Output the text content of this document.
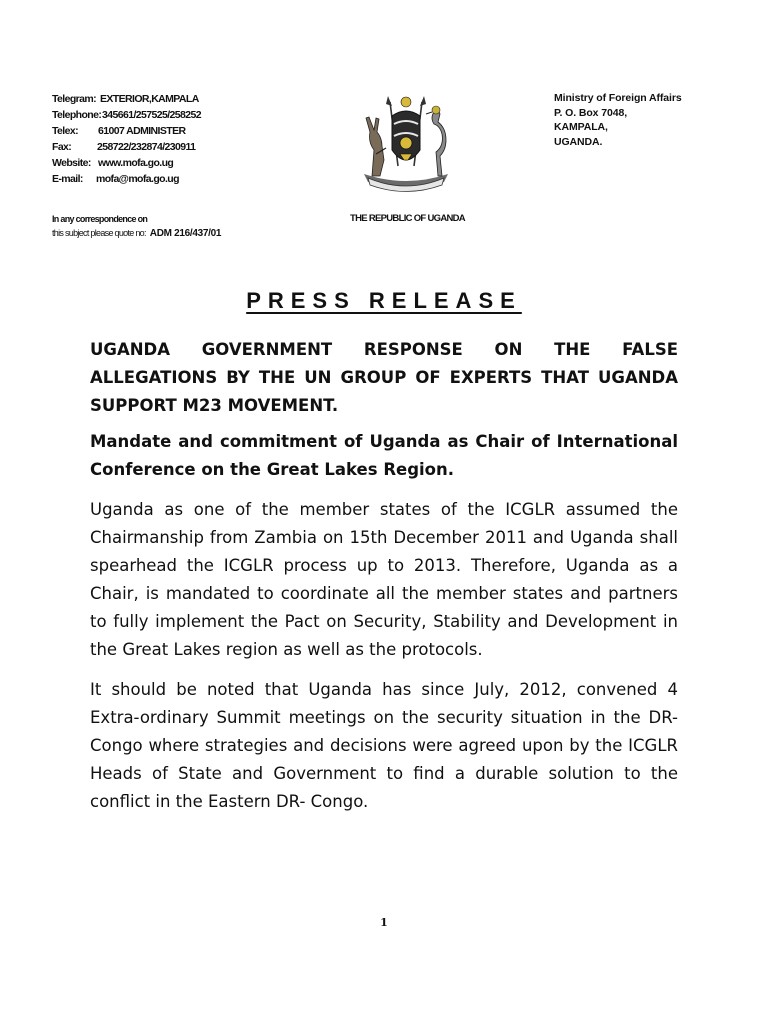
Telegram: EXTERIOR,KAMPALA
Telephone: 345661/257525/258252
Telex:	61007 ADMINISTER
Fax:	258722/232874/230911
Website: www.mofa.go.ug
E-mail:	mofa@mofa.go.ug
Ministry of Foreign Affairs
P. O. Box 7048,
KAMPALA,
UGANDA.
In any correspondence on
this subject please quote no: ADM 216/437/01
THE REPUBLIC OF UGANDA
PRESS RELEASE

UGANDA GOVERNMENT RESPONSE ON THE FALSE ALLEGATIONS BY THE UN GROUP OF EXPERTS THAT UGANDA SUPPORT M23 MOVEMENT.

Mandate and commitment of Uganda as Chair of International Conference on the Great Lakes Region.

Uganda as one of the member states of the ICGLR assumed the Chairmanship from Zambia on 15th December 2011 and Uganda shall spearhead the ICGLR process up to 2013. Therefore, Uganda as a Chair, is mandated to coordinate all the member states and partners to fully implement the Pact on Security, Stability and Development in the Great Lakes region as well as the protocols.

It should be noted that Uganda has since July, 2012, convened 4 Extra-ordinary Summit meetings on the security situation in the DR-Congo where strategies and decisions were agreed upon by the ICGLR Heads of State and Government to find a durable solution to the conflict in the Eastern DR- Congo.

1
